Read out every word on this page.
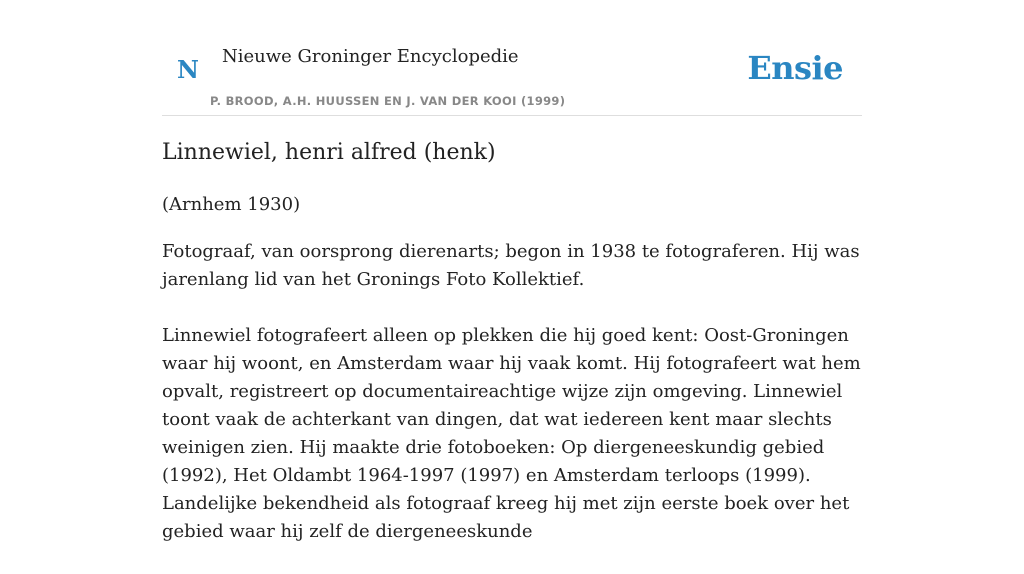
N Nieuwe Groninger Encyclopedie
P. BROOD, A.H. HUUSSEN EN J. VAN DER KOOI (1999)
Ensie
Linnewiel, henri alfred (henk)
(Arnhem 1930)

Fotograaf, van oorsprong dierenarts; begon in 1938 te fotograferen. Hij was jarenlang lid van het Gronings Foto Kollektief.

Linnewiel fotografeert alleen op plekken die hij goed kent: Oost-Groningen waar hij woont, en Amsterdam waar hij vaak komt. Hij fotografeert wat hem opvalt, registreert op documentaireachtige wijze zijn omgeving. Linnewiel toont vaak de achterkant van dingen, dat wat iedereen kent maar slechts weinigen zien. Hij maakte drie fotoboeken: Op diergeneeskundig gebied (1992), Het Oldambt 1964-1997 (1997) en Amsterdam terloops (1999). Landelijke bekendheid als fotograaf kreeg hij met zijn eerste boek over het gebied waar hij zelf de diergeneeskunde
